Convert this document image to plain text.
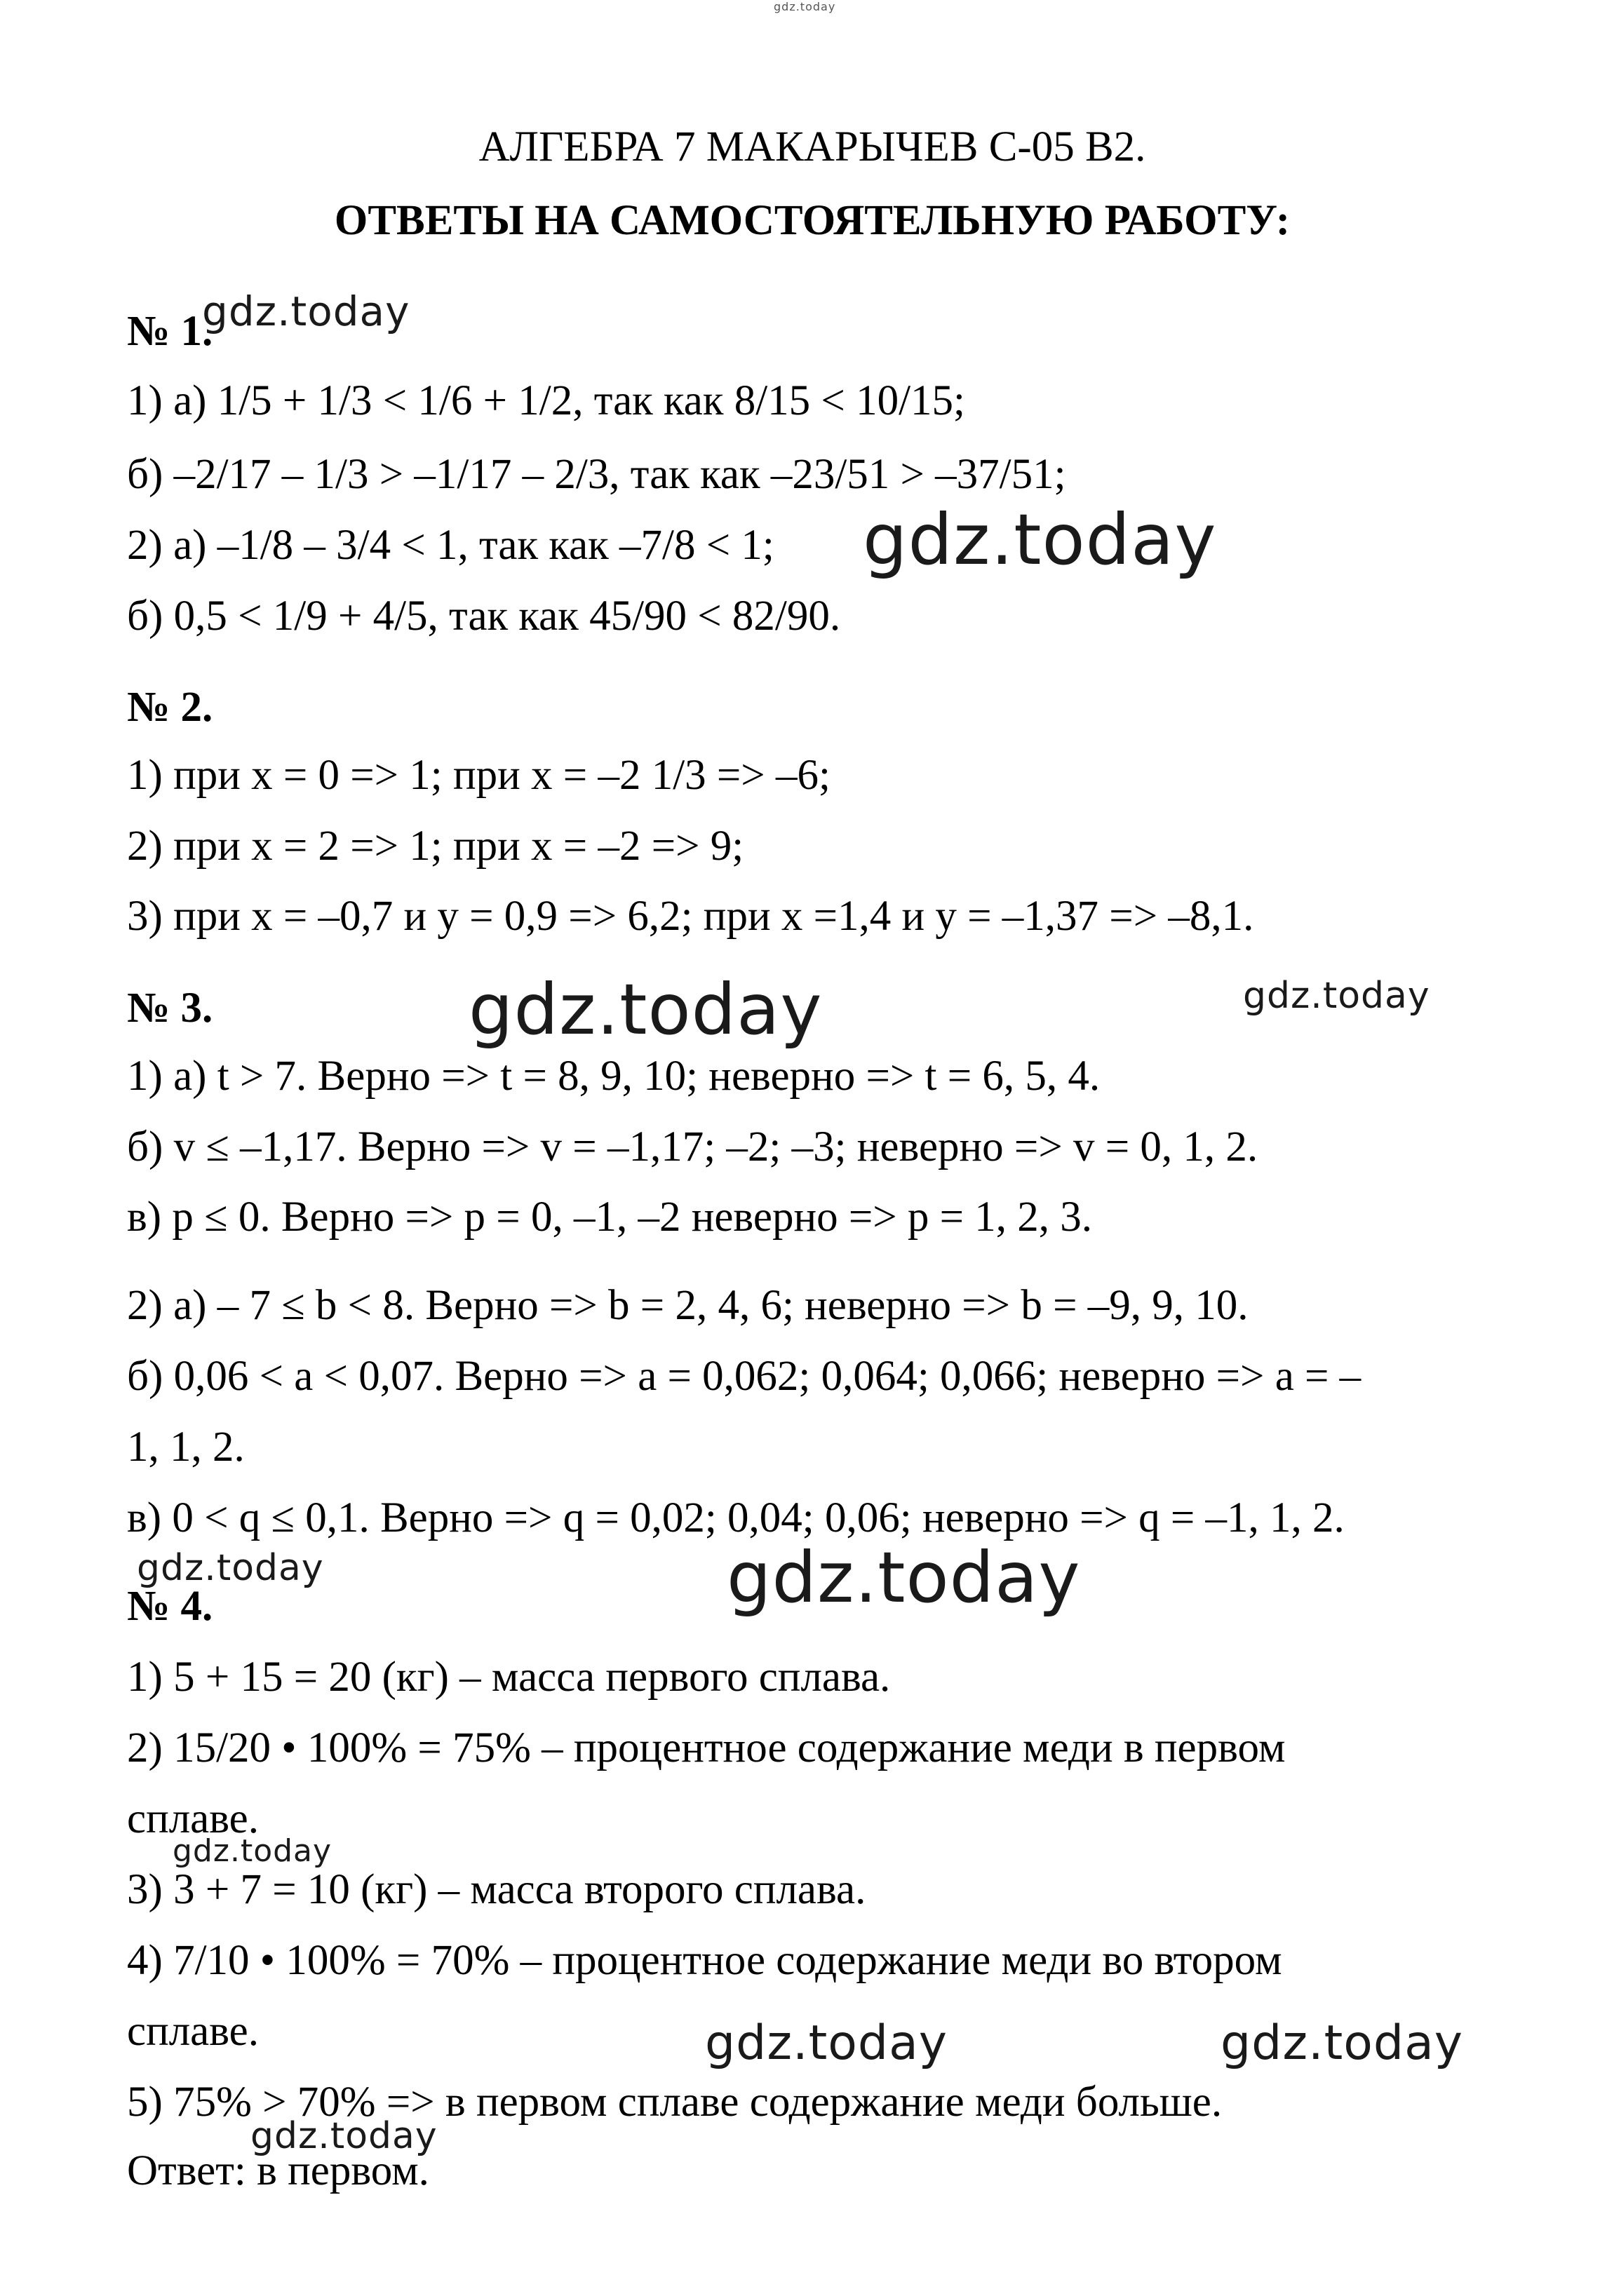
АЛГЕБРА 7 МАКАРЫЧЕВ С-05 В2.
ОТВЕТЫ НА САМОСТОЯТЕЛЬНУЮ РАБОТУ:
№ 1.
1) а) 1/5 + 1/3 < 1/6 + 1/2, так как 8/15 < 10/15;
б) –2/17 – 1/3 > –1/17 – 2/3, так как –23/51 > –37/51;
2) а) –1/8 – 3/4 < 1, так как –7/8 < 1;
б) 0,5 < 1/9 + 4/5, так как 45/90 < 82/90.
№ 2.
1) при x = 0 => 1; при x = –2 1/3 => –6;
2) при x = 2 => 1; при x = –2 => 9;
3) при x = –0,7 и y = 0,9 => 6,2; при x =1,4 и y = –1,37 => –8,1.
№ 3.
1) а) t > 7. Верно => t = 8, 9, 10; неверно => t = 6, 5, 4.
б) v ≤ –1,17. Верно => v = –1,17; –2; –3; неверно => v = 0, 1, 2.
в) p ≤ 0. Верно => p = 0, –1, –2 неверно => p = 1, 2, 3.
2) а) – 7 ≤ b < 8. Верно => b = 2, 4, 6; неверно => b = –9, 9, 10.
б) 0,06 < a < 0,07. Верно => a = 0,062; 0,064; 0,066; неверно => a = –
1, 1, 2.
в) 0 < q ≤ 0,1. Верно => q = 0,02; 0,04; 0,06; неверно => q = –1, 1, 2.
№ 4.
1) 5 + 15 = 20 (кг) – масса первого сплава.
2) 15/20 • 100% = 75% – процентное содержание меди в первом
сплаве.
3) 3 + 7 = 10 (кг) – масса второго сплава.
4) 7/10 • 100% = 70% – процентное содержание меди во втором
сплаве.
5) 75% > 70% => в первом сплаве содержание меди больше.
Ответ: в первом.
gdz.today
gdz.today
gdz.today
gdz.today	gdz.today
gdz.today	gdz.today
gdz.today
gdz.today	gdz.today
gdz.today
